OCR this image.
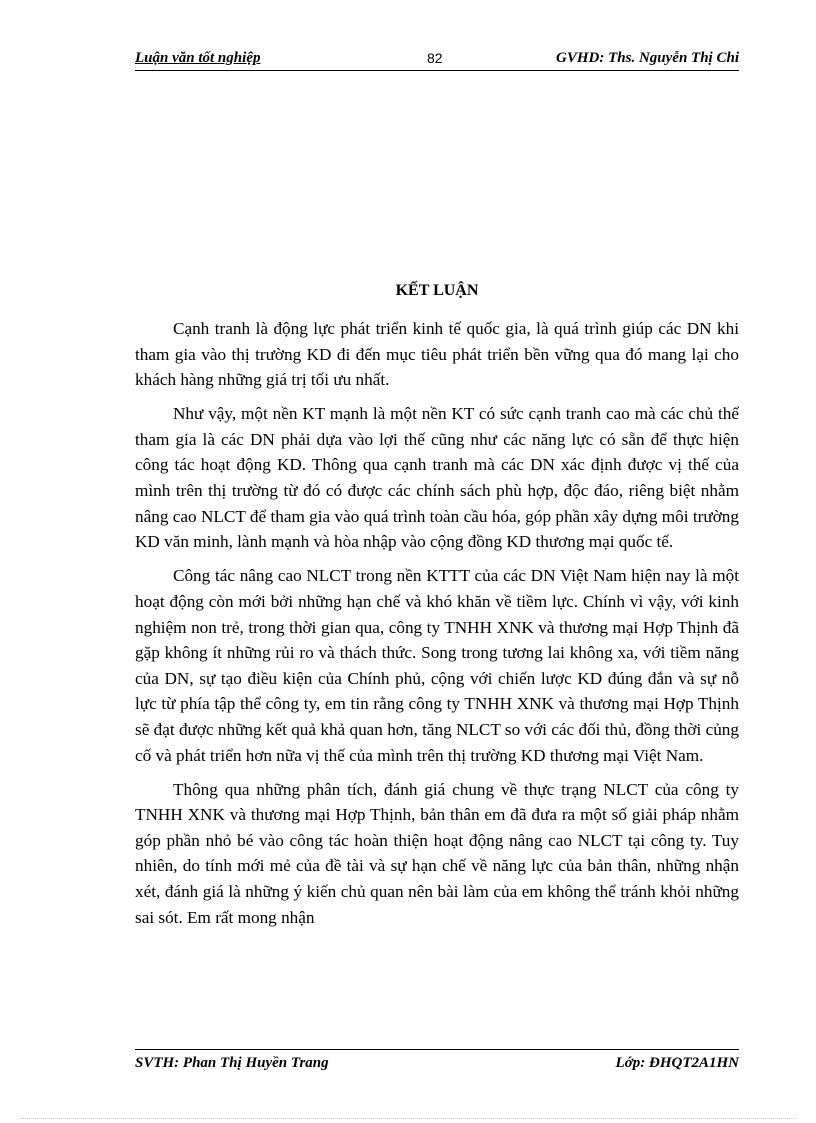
Luận văn tốt nghiệp	82	GVHD: Ths. Nguyễn Thị Chi
KẾT LUẬN

Cạnh tranh là động lực phát triển kinh tế quốc gia, là quá trình giúp các DN khi tham gia vào thị trường KD đi đến mục tiêu phát triển bền vững qua đó mang lại cho khách hàng những giá trị tối ưu nhất.

Như vậy, một nền KT mạnh là một nền KT có sức cạnh tranh cao mà các chủ thể tham gia là các DN phải dựa vào lợi thế cũng như các năng lực có sẵn để thực hiện công tác hoạt động KD. Thông qua cạnh tranh mà các DN xác định được vị thế của mình trên thị trường từ đó có được các chính sách phù hợp, độc đáo, riêng biệt nhằm nâng cao NLCT để tham gia vào quá trình toàn cầu hóa, góp phần xây dựng môi trường KD văn minh, lành mạnh và hòa nhập vào cộng đồng KD thương mại quốc tế.

Công tác nâng cao NLCT trong nền KTTT của các DN Việt Nam hiện nay là một hoạt động còn mới bởi những hạn chế và khó khăn về tiềm lực. Chính vì vậy, với kinh nghiệm non trẻ, trong thời gian qua, công ty TNHH XNK và thương mại Hợp Thịnh đã gặp không ít những rủi ro và thách thức. Song trong tương lai không xa, với tiềm năng của DN, sự tạo điều kiện của Chính phủ, cộng với chiến lược KD đúng đắn và sự nỗ lực từ phía tập thể công ty, em tin rằng công ty TNHH XNK và thương mại Hợp Thịnh sẽ đạt được những kết quả khả quan hơn, tăng NLCT so với các đối thủ, đồng thời củng cố và phát triển hơn nữa vị thế của mình trên thị trường KD thương mại Việt Nam.

Thông qua những phân tích, đánh giá chung về thực trạng NLCT của công ty TNHH XNK và thương mại Hợp Thịnh, bản thân em đã đưa ra một số giải pháp nhằm góp phần nhỏ bé vào công tác hoàn thiện hoạt động nâng cao NLCT tại công ty. Tuy nhiên, do tính mới mẻ của đề tài và sự hạn chế về năng lực của bản thân, những nhận xét, đánh giá là những ý kiến chủ quan nên bài làm của em không thể tránh khỏi những sai sót. Em rất mong nhận

SVTH: Phan Thị Huyền Trang	Lớp: ĐHQT2A1HN
